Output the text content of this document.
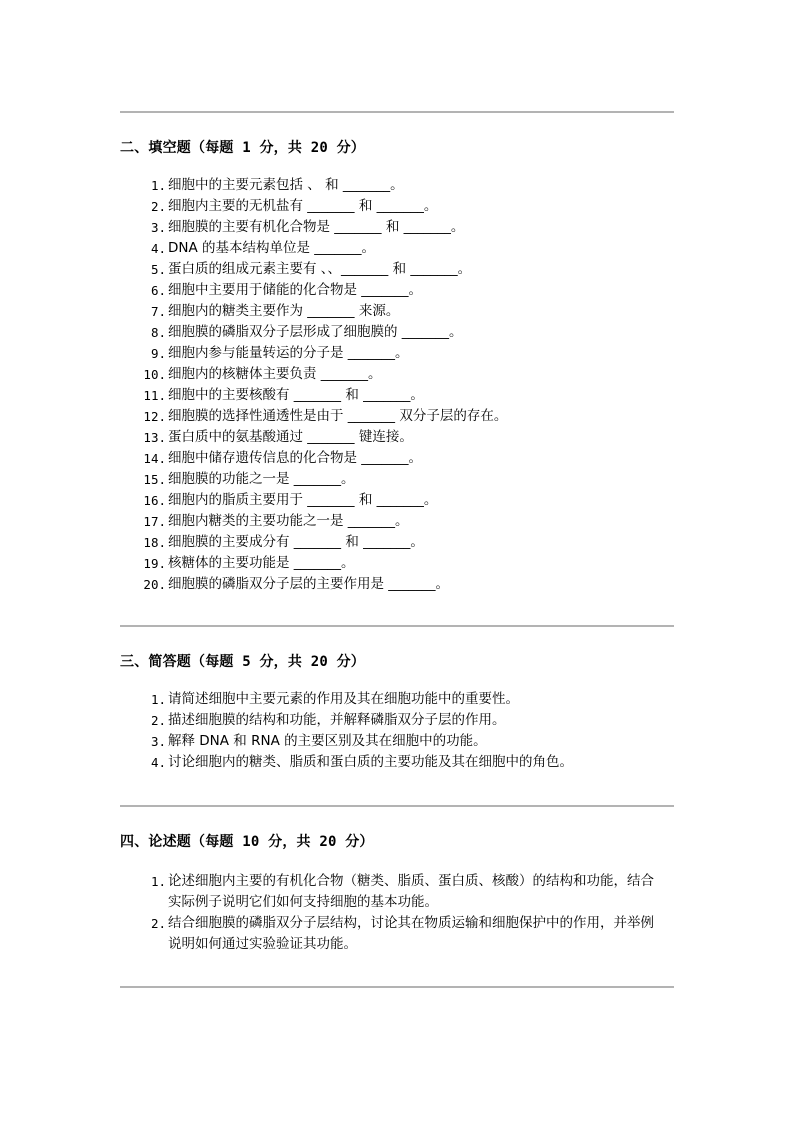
二、填空题（每题 1 分，共 20 分）
1. 细胞中的主要元素包括 、 和 _______。
2. 细胞内主要的无机盐有 _______ 和 _______。
3. 细胞膜的主要有机化合物是 _______ 和 _______。
4. DNA 的基本结构单位是 _______。
5. 蛋白质的组成元素主要有 、、_______ 和 _______。
6. 细胞中主要用于储能的化合物是 _______。
7. 细胞内的糖类主要作为 _______ 来源。
8. 细胞膜的磷脂双分子层形成了细胞膜的 _______。
9. 细胞内参与能量转运的分子是 _______。
10. 细胞内的核糖体主要负责 _______。
11. 细胞中的主要核酸有 _______ 和 _______。
12. 细胞膜的选择性通透性是由于 _______ 双分子层的存在。
13. 蛋白质中的氨基酸通过 _______ 键连接。
14. 细胞中储存遗传信息的化合物是 _______。
15. 细胞膜的功能之一是 _______。
16. 细胞内的脂质主要用于 _______ 和 _______。
17. 细胞内糖类的主要功能之一是 _______。
18. 细胞膜的主要成分有 _______ 和 _______。
19. 核糖体的主要功能是 _______。
20. 细胞膜的磷脂双分子层的主要作用是 _______。
三、简答题（每题 5 分，共 20 分）
1. 请简述细胞中主要元素的作用及其在细胞功能中的重要性。
2. 描述细胞膜的结构和功能，并解释磷脂双分子层的作用。
3. 解释 DNA 和 RNA 的主要区别及其在细胞中的功能。
4. 讨论细胞内的糖类、脂质和蛋白质的主要功能及其在细胞中的角色。
四、论述题（每题 10 分，共 20 分）
1. 论述细胞内主要的有机化合物（糖类、脂质、蛋白质、核酸）的结构和功能，结合实际例子说明它们如何支持细胞的基本功能。
2. 结合细胞膜的磷脂双分子层结构，讨论其在物质运输和细胞保护中的作用，并举例说明如何通过实验验证其功能。
